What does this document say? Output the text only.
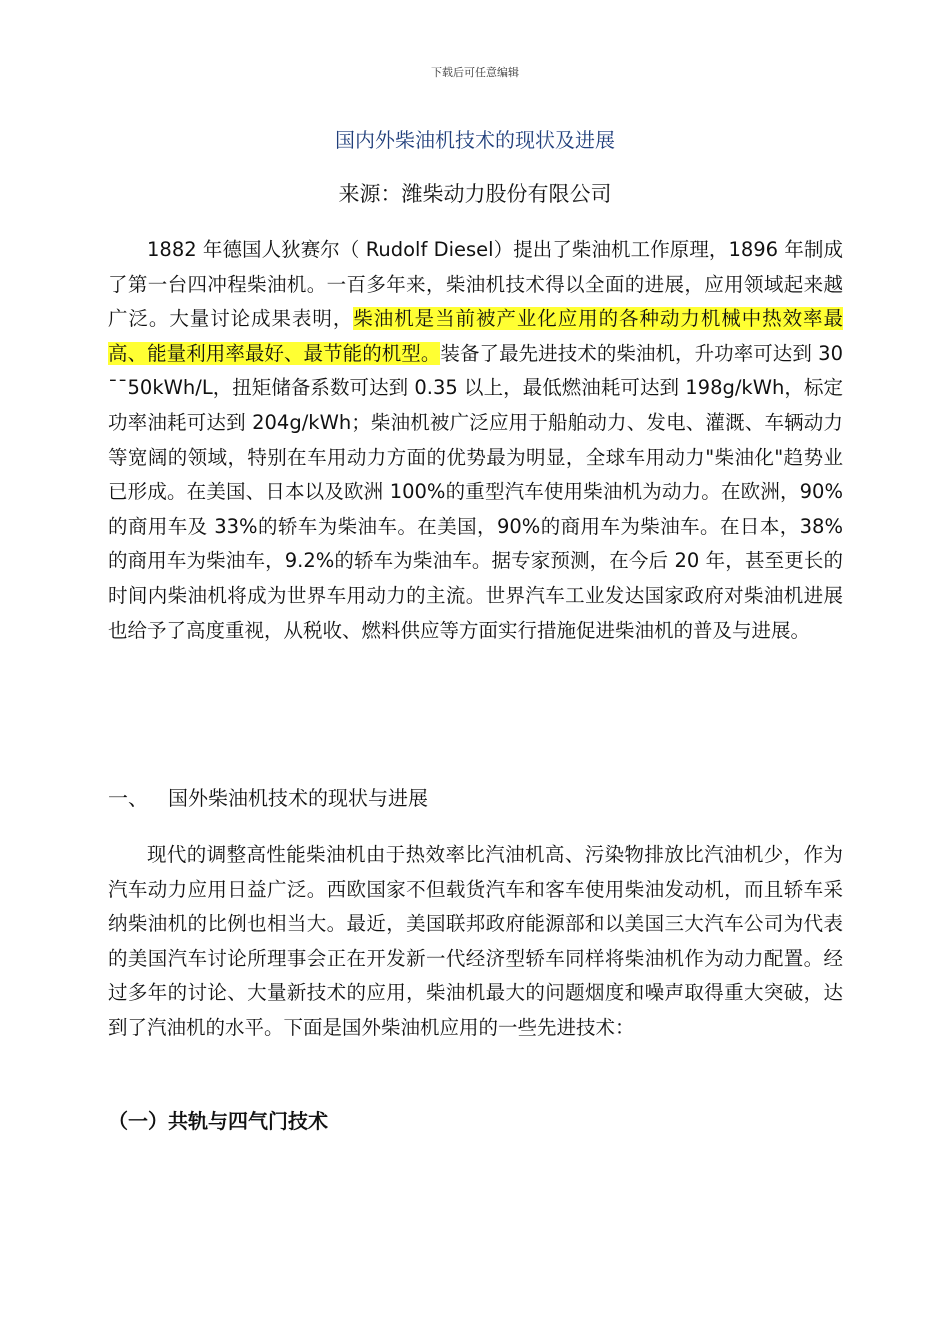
下载后可任意编辑
国内外柴油机技术的现状及进展
来源：潍柴动力股份有限公司

1882 年德国人狄赛尔（ Rudolf Diesel）提出了柴油机工作原理，1896 年制成了第一台四冲程柴油机。一百多年来，柴油机技术得以全面的进展，应用领域起来越广泛。大量讨论成果表明，柴油机是当前被产业化应用的各种动力机械中热效率最高、能量利用率最好、最节能的机型。装备了最先进技术的柴油机，升功率可达到 30¯¯50kWh/L，扭矩储备系数可达到 0.35 以上，最低燃油耗可达到 198g/kWh，标定功率油耗可达到 204g/kWh；柴油机被广泛应用于船舶动力、发电、灌溉、车辆动力等宽阔的领域，特别在车用动力方面的优势最为明显，全球车用动力"柴油化"趋势业已形成。在美国、日本以及欧洲 100%的重型汽车使用柴油机为动力。在欧洲，90%的商用车及 33%的轿车为柴油车。在美国，90%的商用车为柴油车。在日本，38%的商用车为柴油车，9.2%的轿车为柴油车。据专家预测，在今后 20 年，甚至更长的时间内柴油机将成为世界车用动力的主流。世界汽车工业发达国家政府对柴油机进展也给予了高度重视，从税收、燃料供应等方面实行措施促进柴油机的普及与进展。

一、 国外柴油机技术的现状与进展

现代的调整高性能柴油机由于热效率比汽油机高、污染物排放比汽油机少，作为汽车动力应用日益广泛。西欧国家不但载货汽车和客车使用柴油发动机，而且轿车采纳柴油机的比例也相当大。最近，美国联邦政府能源部和以美国三大汽车公司为代表的美国汽车讨论所理事会正在开发新一代经济型轿车同样将柴油机作为动力配置。经过多年的讨论、大量新技术的应用，柴油机最大的问题烟度和噪声取得重大突破，达到了汽油机的水平。下面是国外柴油机应用的一些先进技术：

（一）共轨与四气门技术
